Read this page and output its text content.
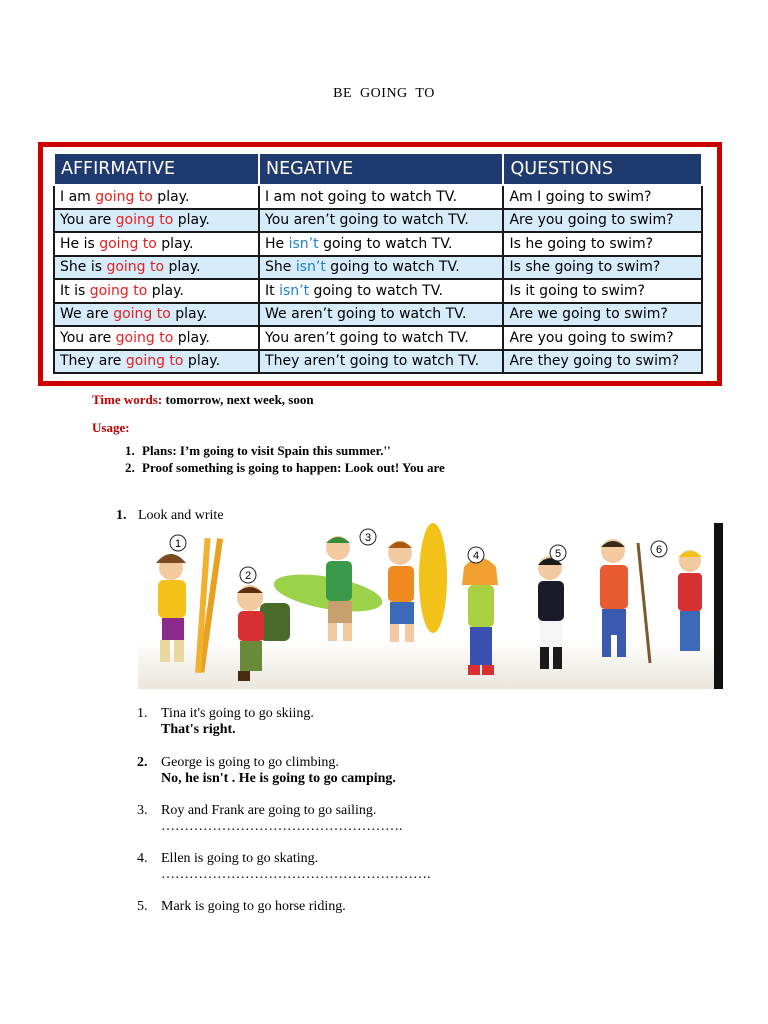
BE GOING TO
AFFIRMATIVE	NEGATIVE	QUESTIONS
I am going to play.	I am not going to watch TV.	Am I going to swim?
You are going to play.	You aren’t going to watch TV.	Are you going to swim?
He is going to play.	He isn’t going to watch TV.	Is he going to swim?
She is going to play.	She isn’t going to watch TV.	Is she going to swim?
It is going to play.	It isn’t going to watch TV.	Is it going to swim?
We are going to play.	We aren’t going to watch TV.	Are we going to swim?
You are going to play.	You aren’t going to watch TV.	Are you going to swim?
They are going to play.	They aren’t going to watch TV.	Are they going to swim?
Time words: tomorrow, next week, soon
Usage:
1. Plans: I’m going to visit Spain this summer.''
2. Proof something is going to happen: Look out! You are
1. Look and write
1
2
3
4	5	6
1. Tina it's going to go skiing.
That's right.
2. George is going to go climbing.
No, he isn't . He is going to go camping.
3. Roy and Frank are going to go sailing.
…………………………………………….
4. Ellen is going to go skating.
………………………………………………….
5. Mark is going to go horse riding.
